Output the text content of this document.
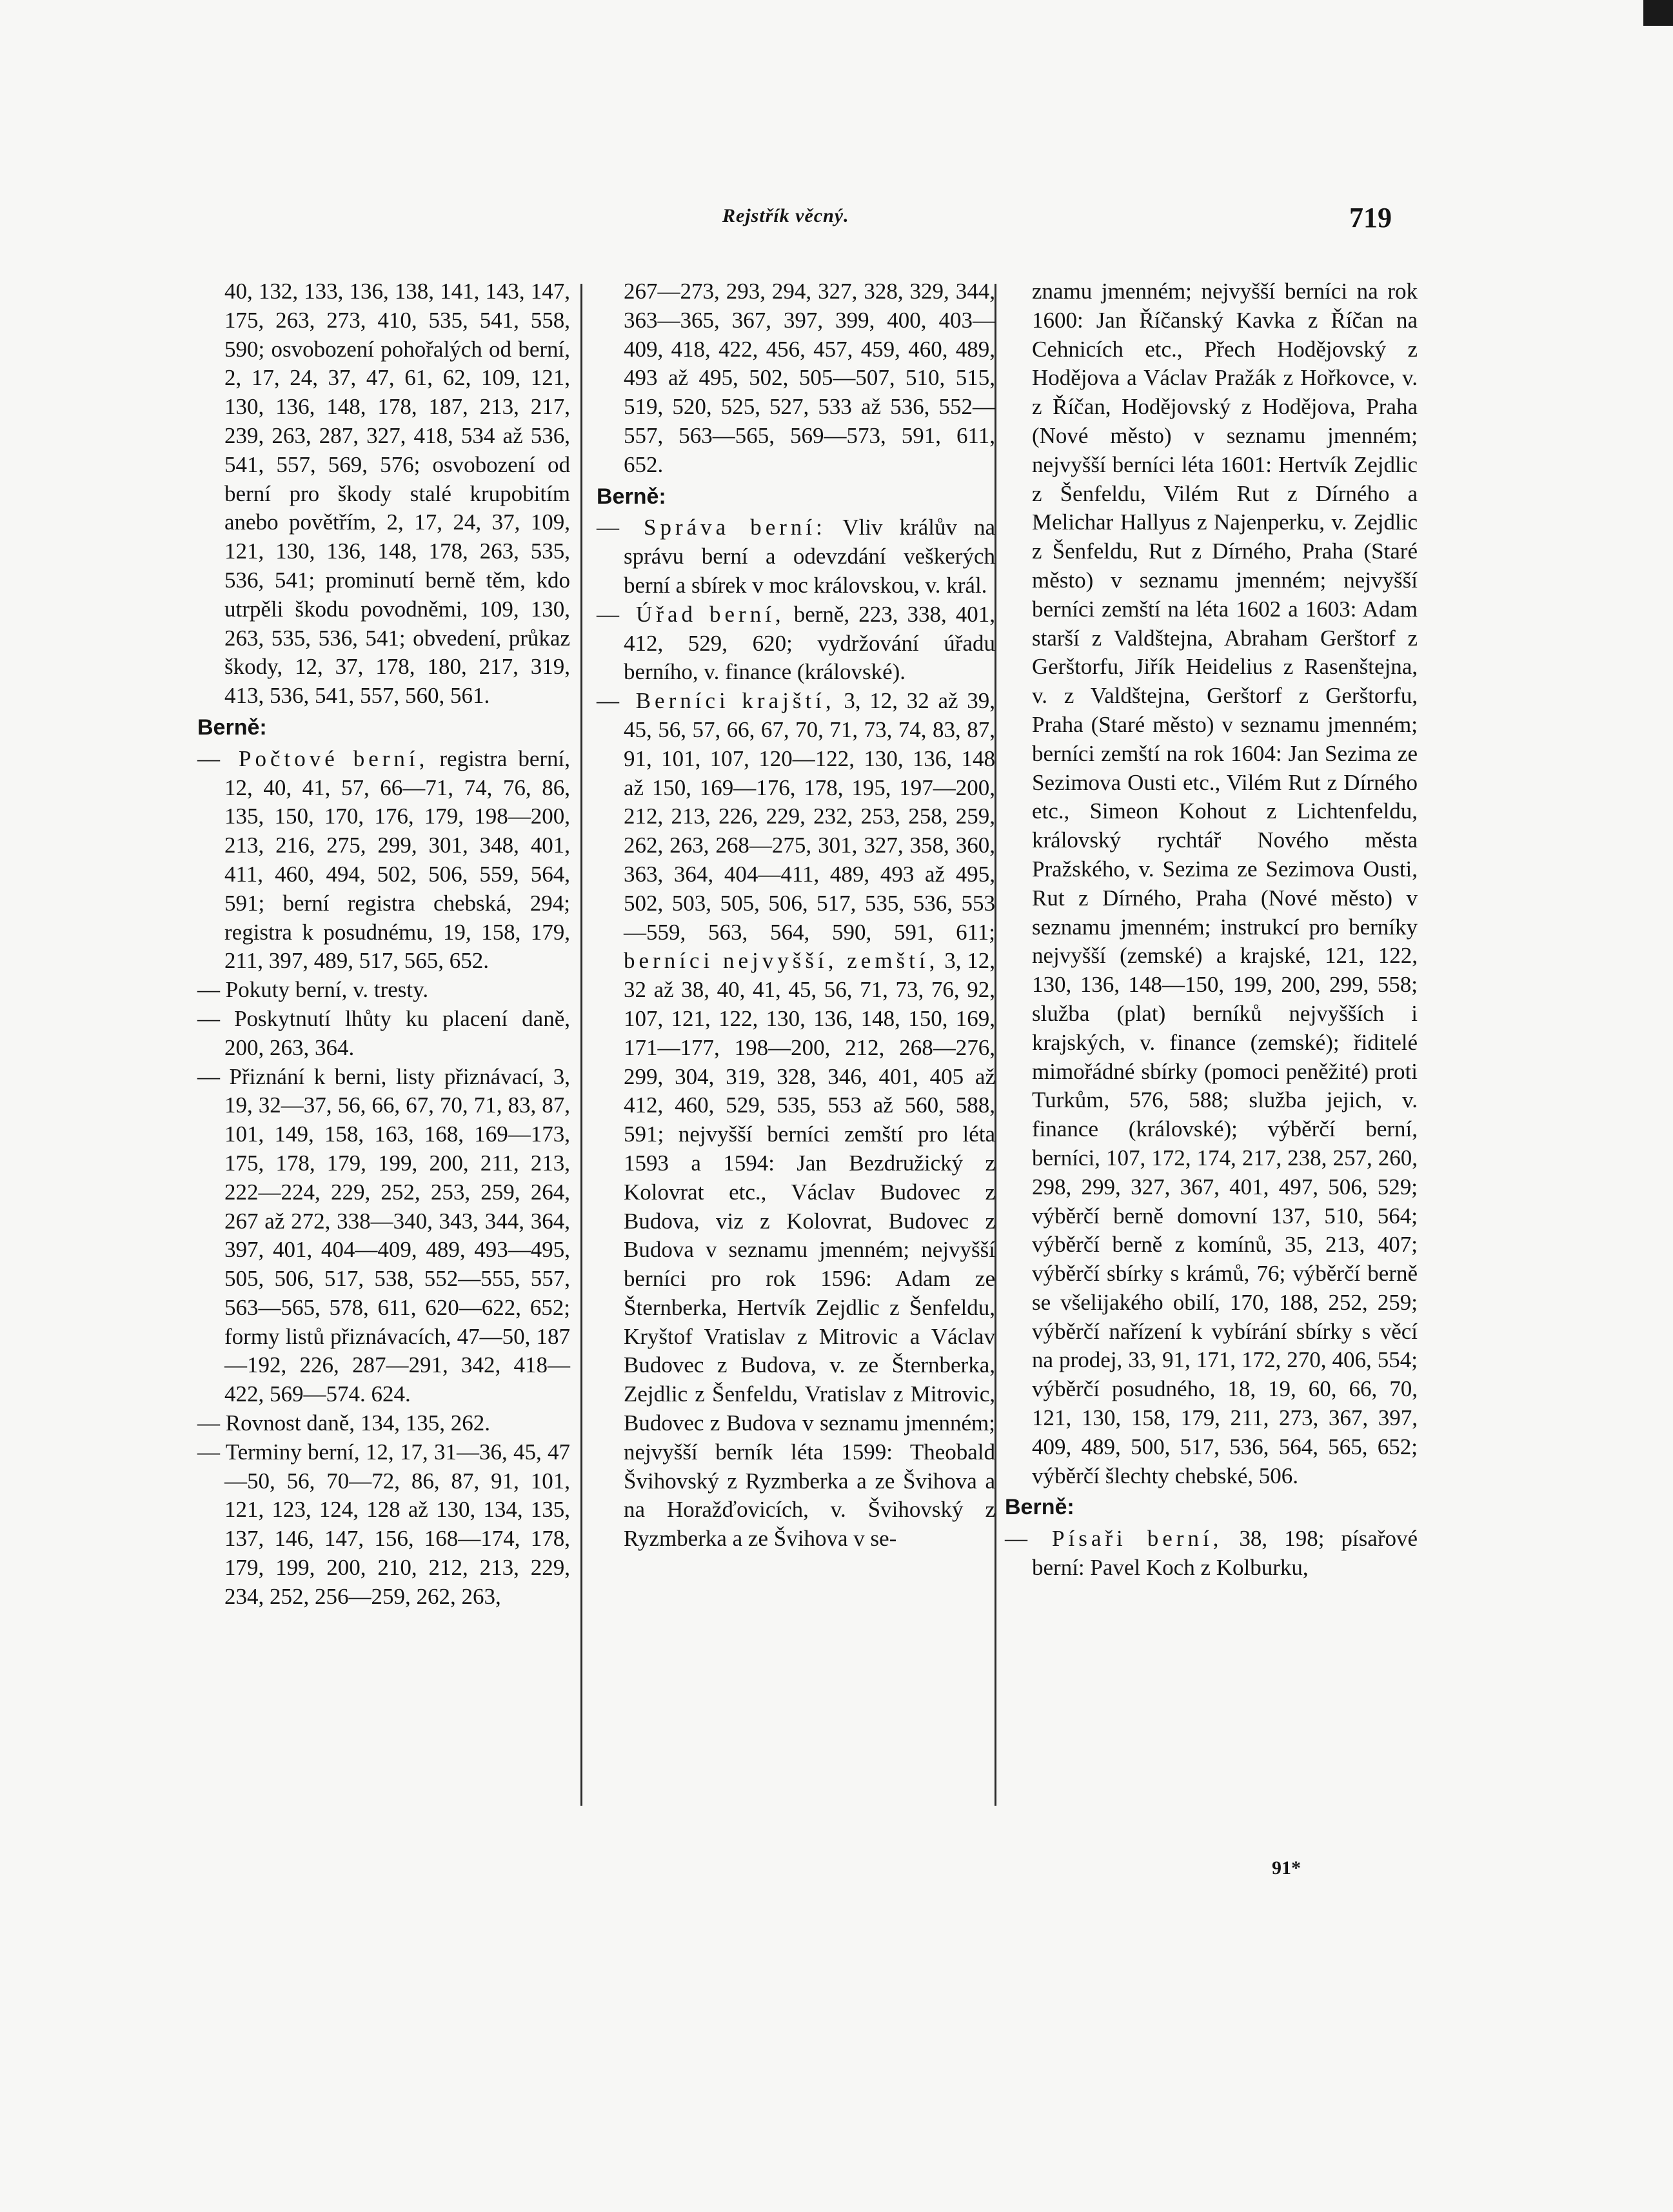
Rejstřík věcný.	719

40, 132, 133, 136, 138, 141, 143, 147, 175, 263, 273, 410, 535, 541, 558, 590; osvobození pohořalých od berní, 2, 17, 24, 37, 47, 61, 62, 109, 121, 130, 136, 148, 178, 187, 213, 217, 239, 263, 287, 327, 418, 534 až 536, 541, 557, 569, 576; osvobození od berní pro škody stalé krupobitím anebo povětřím, 2, 17, 24, 37, 109, 121, 130, 136, 148, 178, 263, 535, 536, 541; prominutí berně těm, kdo utrpěli škodu povodněmi, 109, 130, 263, 535, 536, 541; obvedení, průkaz škody, 12, 37, 178, 180, 217, 319, 413, 536, 541, 557, 560, 561.

Berně:

— Počtové berní, registra berní, 12, 40, 41, 57, 66—71, 74, 76, 86, 135, 150, 170, 176, 179, 198—200, 213, 216, 275, 299, 301, 348, 401, 411, 460, 494, 502, 506, 559, 564, 591; berní registra chebská, 294; registra k posudnému, 19, 158, 179, 211, 397, 489, 517, 565, 652.

— Pokuty berní, v. tresty.

— Poskytnutí lhůty ku placení daně, 200, 263, 364.

— Přiznání k berni, listy přiznávací, 3, 19, 32—37, 56, 66, 67, 70, 71, 83, 87, 101, 149, 158, 163, 168, 169—173, 175, 178, 179, 199, 200, 211, 213, 222—224, 229, 252, 253, 259, 264, 267 až 272, 338—340, 343, 344, 364, 397, 401, 404—409, 489, 493—495, 505, 506, 517, 538, 552—555, 557, 563—565, 578, 611, 620—622, 652; formy listů přiznávacích, 47—50, 187—192, 226, 287—291, 342, 418—422, 569—574. 624.

— Rovnost daně, 134, 135, 262.

— Terminy berní, 12, 17, 31—36, 45, 47—50, 56, 70—72, 86, 87, 91, 101, 121, 123, 124, 128 až 130, 134, 135, 137, 146, 147, 156, 168—174, 178, 179, 199, 200, 210, 212, 213, 229, 234, 252, 256—259, 262, 263,

267—273, 293, 294, 327, 328, 329, 344, 363—365, 367, 397, 399, 400, 403—409, 418, 422, 456, 457, 459, 460, 489, 493 až 495, 502, 505—507, 510, 515, 519, 520, 525, 527, 533 až 536, 552—557, 563—565, 569—573, 591, 611, 652.

Berně:

— Správa berní: Vliv králův na správu berní a odevzdání veškerých berní a sbírek v moc královskou, v. král.

— Úřad berní, berně, 223, 338, 401, 412, 529, 620; vydržování úřadu berního, v. finance (královské).

— Berníci krajští, 3, 12, 32 až 39, 45, 56, 57, 66, 67, 70, 71, 73, 74, 83, 87, 91, 101, 107, 120—122, 130, 136, 148 až 150, 169—176, 178, 195, 197—200, 212, 213, 226, 229, 232, 253, 258, 259, 262, 263, 268—275, 301, 327, 358, 360, 363, 364, 404—411, 489, 493 až 495, 502, 503, 505, 506, 517, 535, 536, 553—559, 563, 564, 590, 591, 611; berníci nejvyšší, zemští, 3, 12, 32 až 38, 40, 41, 45, 56, 71, 73, 76, 92, 107, 121, 122, 130, 136, 148, 150, 169, 171—177, 198—200, 212, 268—276, 299, 304, 319, 328, 346, 401, 405 až 412, 460, 529, 535, 553 až 560, 588, 591; nejvyšší berníci zemští pro léta 1593 a 1594: Jan Bezdružický z Kolovrat etc., Václav Budovec z Budova, viz z Kolovrat, Budovec z Budova v seznamu jmenném; nejvyšší berníci pro rok 1596: Adam ze Šternberka, Hertvík Zejdlic z Šenfeldu, Kryštof Vratislav z Mitrovic a Václav Budovec z Budova, v. ze Šternberka, Zejdlic z Šenfeldu, Vratislav z Mitrovic, Budovec z Budova v seznamu jmenném; nejvyšší berník léta 1599: Theobald Švihovský z Ryzmberka a ze Švihova a na Horažďovicích, v. Švihovský z Ryzmberka a ze Švihova v se-

znamu jmenném; nejvyšší berníci na rok 1600: Jan Říčanský Kavka z Říčan na Cehnicích etc., Přech Hodějovský z Hodějova a Václav Pražák z Hořkovce, v. z Říčan, Hodějovský z Hodějova, Praha (Nové město) v seznamu jmenném; nejvyšší berníci léta 1601: Hertvík Zejdlic z Šenfeldu, Vilém Rut z Dírného a Melichar Hallyus z Najenperku, v. Zejdlic z Šenfeldu, Rut z Dírného, Praha (Staré město) v seznamu jmenném; nejvyšší berníci zemští na léta 1602 a 1603: Adam starší z Valdštejna, Abraham Gerštorf z Gerštorfu, Jiřík Heidelius z Rasenštejna, v. z Valdštejna, Gerštorf z Gerštorfu, Praha (Staré město) v seznamu jmenném; berníci zemští na rok 1604: Jan Sezima ze Sezimova Ousti etc., Vilém Rut z Dírného etc., Simeon Kohout z Lichtenfeldu, královský rychtář Nového města Pražského, v. Sezima ze Sezimova Ousti, Rut z Dírného, Praha (Nové město) v seznamu jmenném; instrukcí pro berníky nejvyšší (zemské) a krajské, 121, 122, 130, 136, 148—150, 199, 200, 299, 558; služba (plat) berníků nejvyšších i krajských, v. finance (zemské); řiditelé mimořádné sbírky (pomoci peněžité) proti Turkům, 576, 588; služba jejich, v. finance (královské); výběrčí berní, berníci, 107, 172, 174, 217, 238, 257, 260, 298, 299, 327, 367, 401, 497, 506, 529; výběrčí berně domovní 137, 510, 564; výběrčí berně z komínů, 35, 213, 407; výběrčí sbírky s krámů, 76; výběrčí berně se všelijakého obilí, 170, 188, 252, 259; výběrčí nařízení k vybírání sbírky s věcí na prodej, 33, 91, 171, 172, 270, 406, 554; výběrčí posudného, 18, 19, 60, 66, 70, 121, 130, 158, 179, 211, 273, 367, 397, 409, 489, 500, 517, 536, 564, 565, 652; výběrčí šlechty chebské, 506.

Berně:

— Písaři berní, 38, 198; písařové berní: Pavel Koch z Kolburku,

91*
